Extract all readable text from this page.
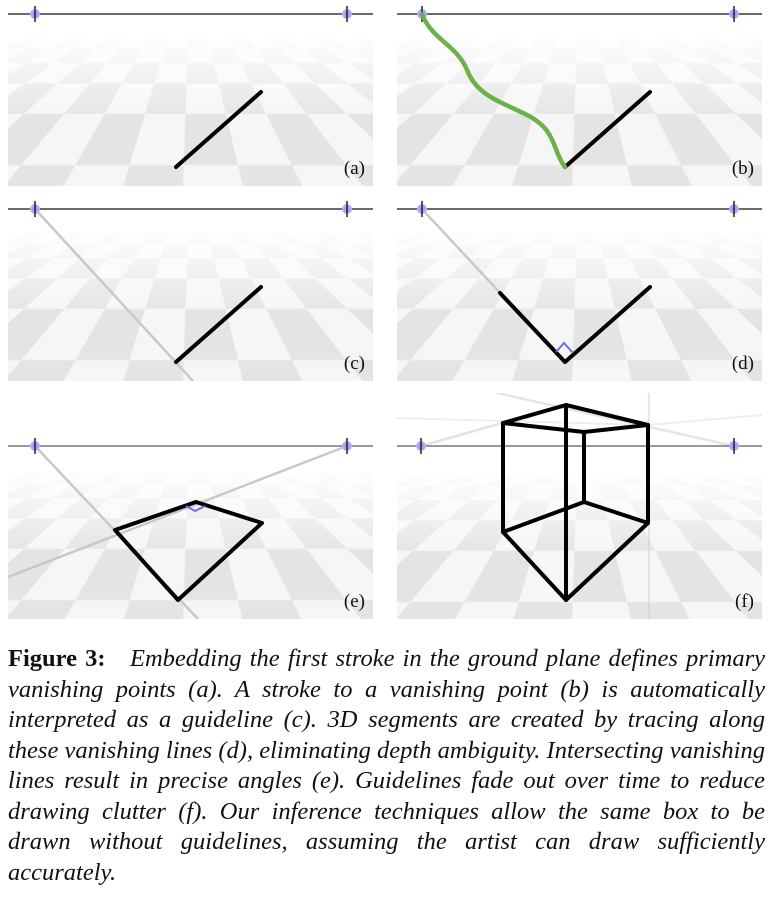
(a)	(b)
(c)	(d)
(e)	(f)
Figure 3: Embedding the first stroke in the ground plane defines primary vanishing points (a). A stroke to a vanishing point (b) is automatically interpreted as a guideline (c). 3D segments are created by tracing along these vanishing lines (d), eliminating depth ambiguity. Intersecting vanishing lines result in precise angles (e). Guidelines fade out over time to reduce drawing clutter (f). Our inference techniques allow the same box to be drawn without guidelines, assuming the artist can draw sufficiently accurately.
